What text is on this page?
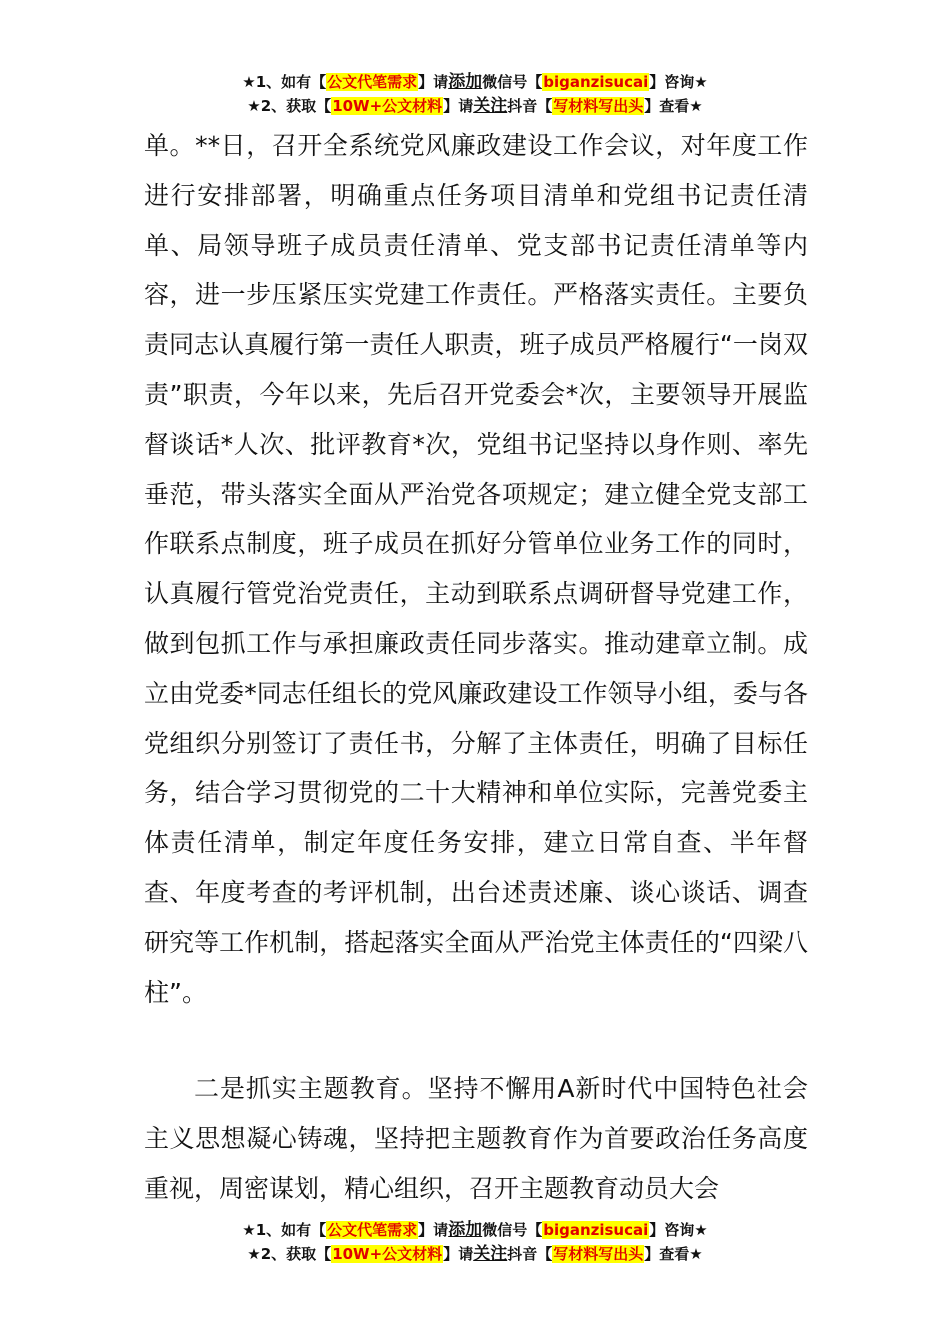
★1、如有【公文代笔需求】请添加微信号【biganzisucai】咨询★
★2、获取【10W+公文材料】请关注抖音【写材料写出头】查看★

单。**日，召开全系统党风廉政建设工作会议，对年度工作进行安排部署，明确重点任务项目清单和党组书记责任清单、局领导班子成员责任清单、党支部书记责任清单等内容，进一步压紧压实党建工作责任。严格落实责任。主要负责同志认真履行第一责任人职责，班子成员严格履行“一岗双责”职责，今年以来，先后召开党委会*次，主要领导开展监督谈话*人次、批评教育*次，党组书记坚持以身作则、率先垂范，带头落实全面从严治党各项规定；建立健全党支部工作联系点制度，班子成员在抓好分管单位业务工作的同时，认真履行管党治党责任，主动到联系点调研督导党建工作，做到包抓工作与承担廉政责任同步落实。推动建章立制。成立由党委*同志任组长的党风廉政建设工作领导小组，委与各党组织分别签订了责任书，分解了主体责任，明确了目标任务，结合学习贯彻党的二十大精神和单位实际，完善党委主体责任清单，制定年度任务安排，建立日常自查、半年督查、年度考查的考评机制，出台述责述廉、谈心谈话、调查研究等工作机制，搭起落实全面从严治党主体责任的“四梁八柱”。

二是抓实主题教育。坚持不懈用A新时代中国特色社会主义思想凝心铸魂，坚持把主题教育作为首要政治任务高度重视，周密谋划，精心组织，召开主题教育动员大会

★1、如有【公文代笔需求】请添加微信号【biganzisucai】咨询★
★2、获取【10W+公文材料】请关注抖音【写材料写出头】查看★
